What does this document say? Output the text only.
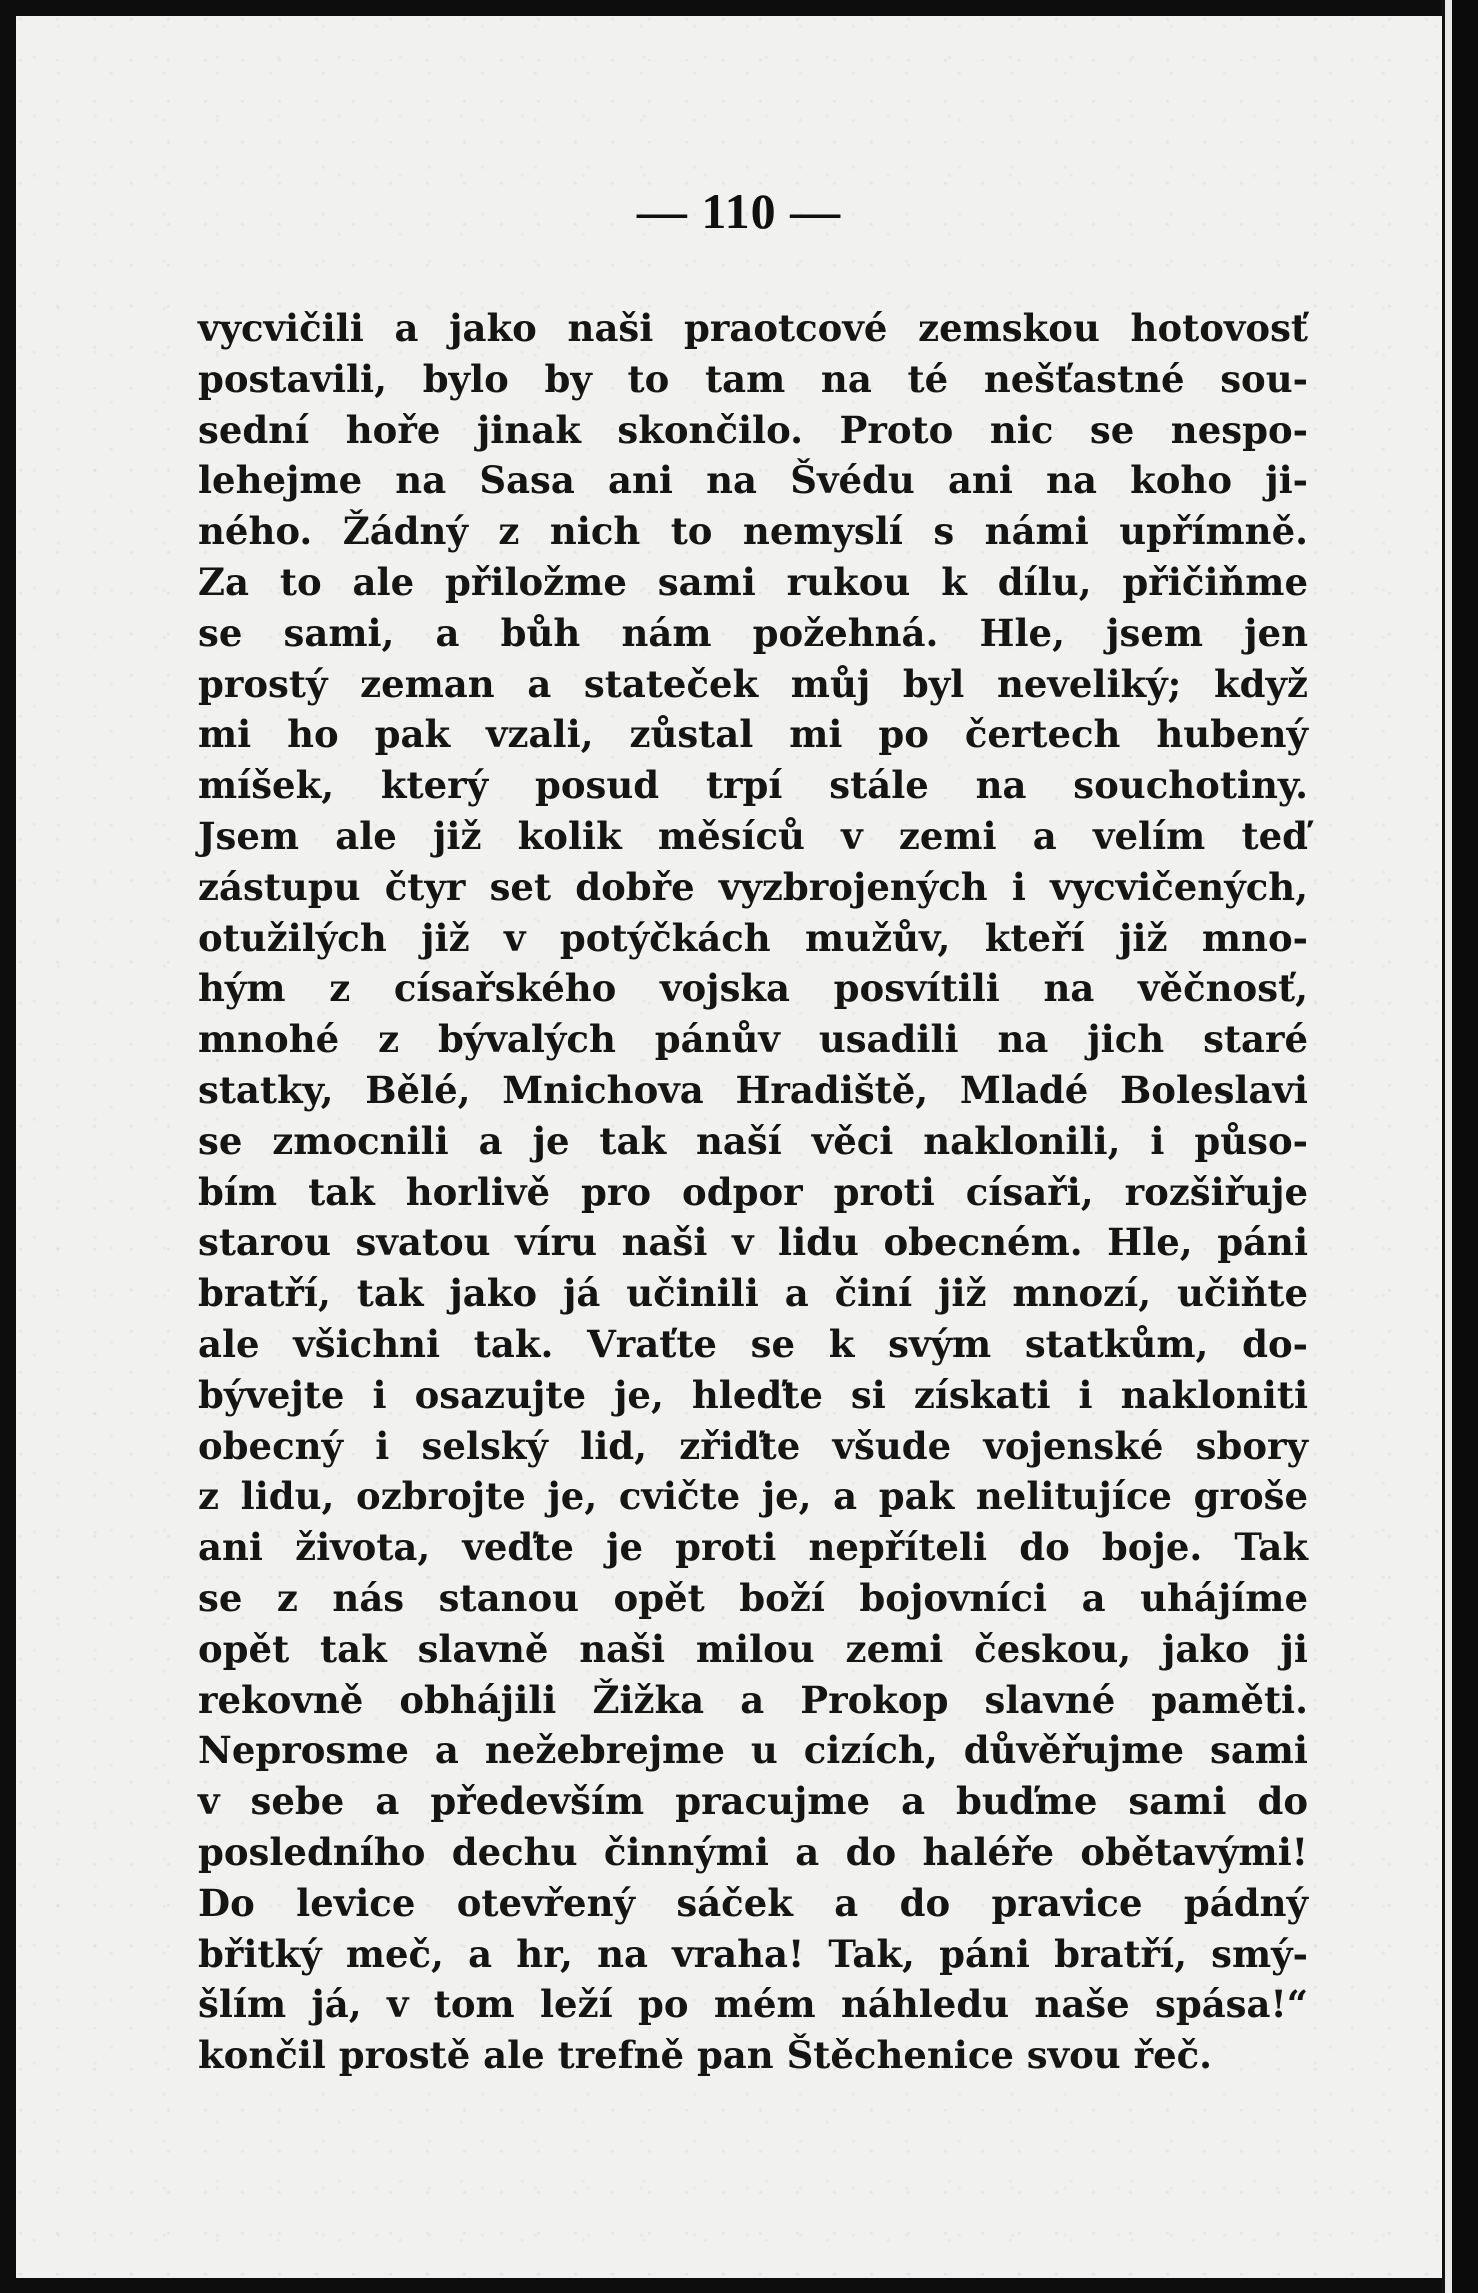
— 110 —
vycvičili a jako naši praotcové zemskou hotovosť
postavili, bylo by to tam na té nešťastné sou-
sední hoře jinak skončilo. Proto nic se nespo-
lehejme na Sasa ani na Švédu ani na koho ji-
ného. Žádný z nich to nemyslí s námi upřímně.
Za to ale přiložme sami rukou k dílu, přičiňme
se sami, a bůh nám požehná. Hle, jsem jen
prostý zeman a stateček můj byl neveliký; když
mi ho pak vzali, zůstal mi po čertech hubený
míšek, který posud trpí stále na souchotiny.
Jsem ale již kolik měsíců v zemi a velím teď
zástupu čtyr set dobře vyzbrojených i vycvičených,
otužilých již v potýčkách mužův, kteří již mno-
hým z císařského vojska posvítili na věčnosť,
mnohé z bývalých pánův usadili na jich staré
statky, Bělé, Mnichova Hradiště, Mladé Boleslavi
se zmocnili a je tak naší věci naklonili, i půso-
bím tak horlivě pro odpor proti císaři, rozšiřuje
starou svatou víru naši v lidu obecném. Hle, páni
bratří, tak jako já učinili a činí již mnozí, učiňte
ale všichni tak. Vraťte se k svým statkům, do-
bývejte i osazujte je, hleďte si získati i nakloniti
obecný i selský lid, zřiďte všude vojenské sbory
z lidu, ozbrojte je, cvičte je, a pak nelitujíce groše
ani života, veďte je proti nepříteli do boje. Tak
se z nás stanou opět boží bojovníci a uhájíme
opět tak slavně naši milou zemi českou, jako ji
rekovně obhájili Žižka a Prokop slavné paměti.
Neprosme a nežebrejme u cizích, důvěřujme sami
v sebe a především pracujme a buďme sami do
posledního dechu činnými a do haléře obětavými!
Do levice otevřený sáček a do pravice pádný
břitký meč, a hr, na vraha! Tak, páni bratří, smý-
šlím já, v tom leží po mém náhledu naše spása!“
končil prostě ale trefně pan Štěchenice svou řeč.
